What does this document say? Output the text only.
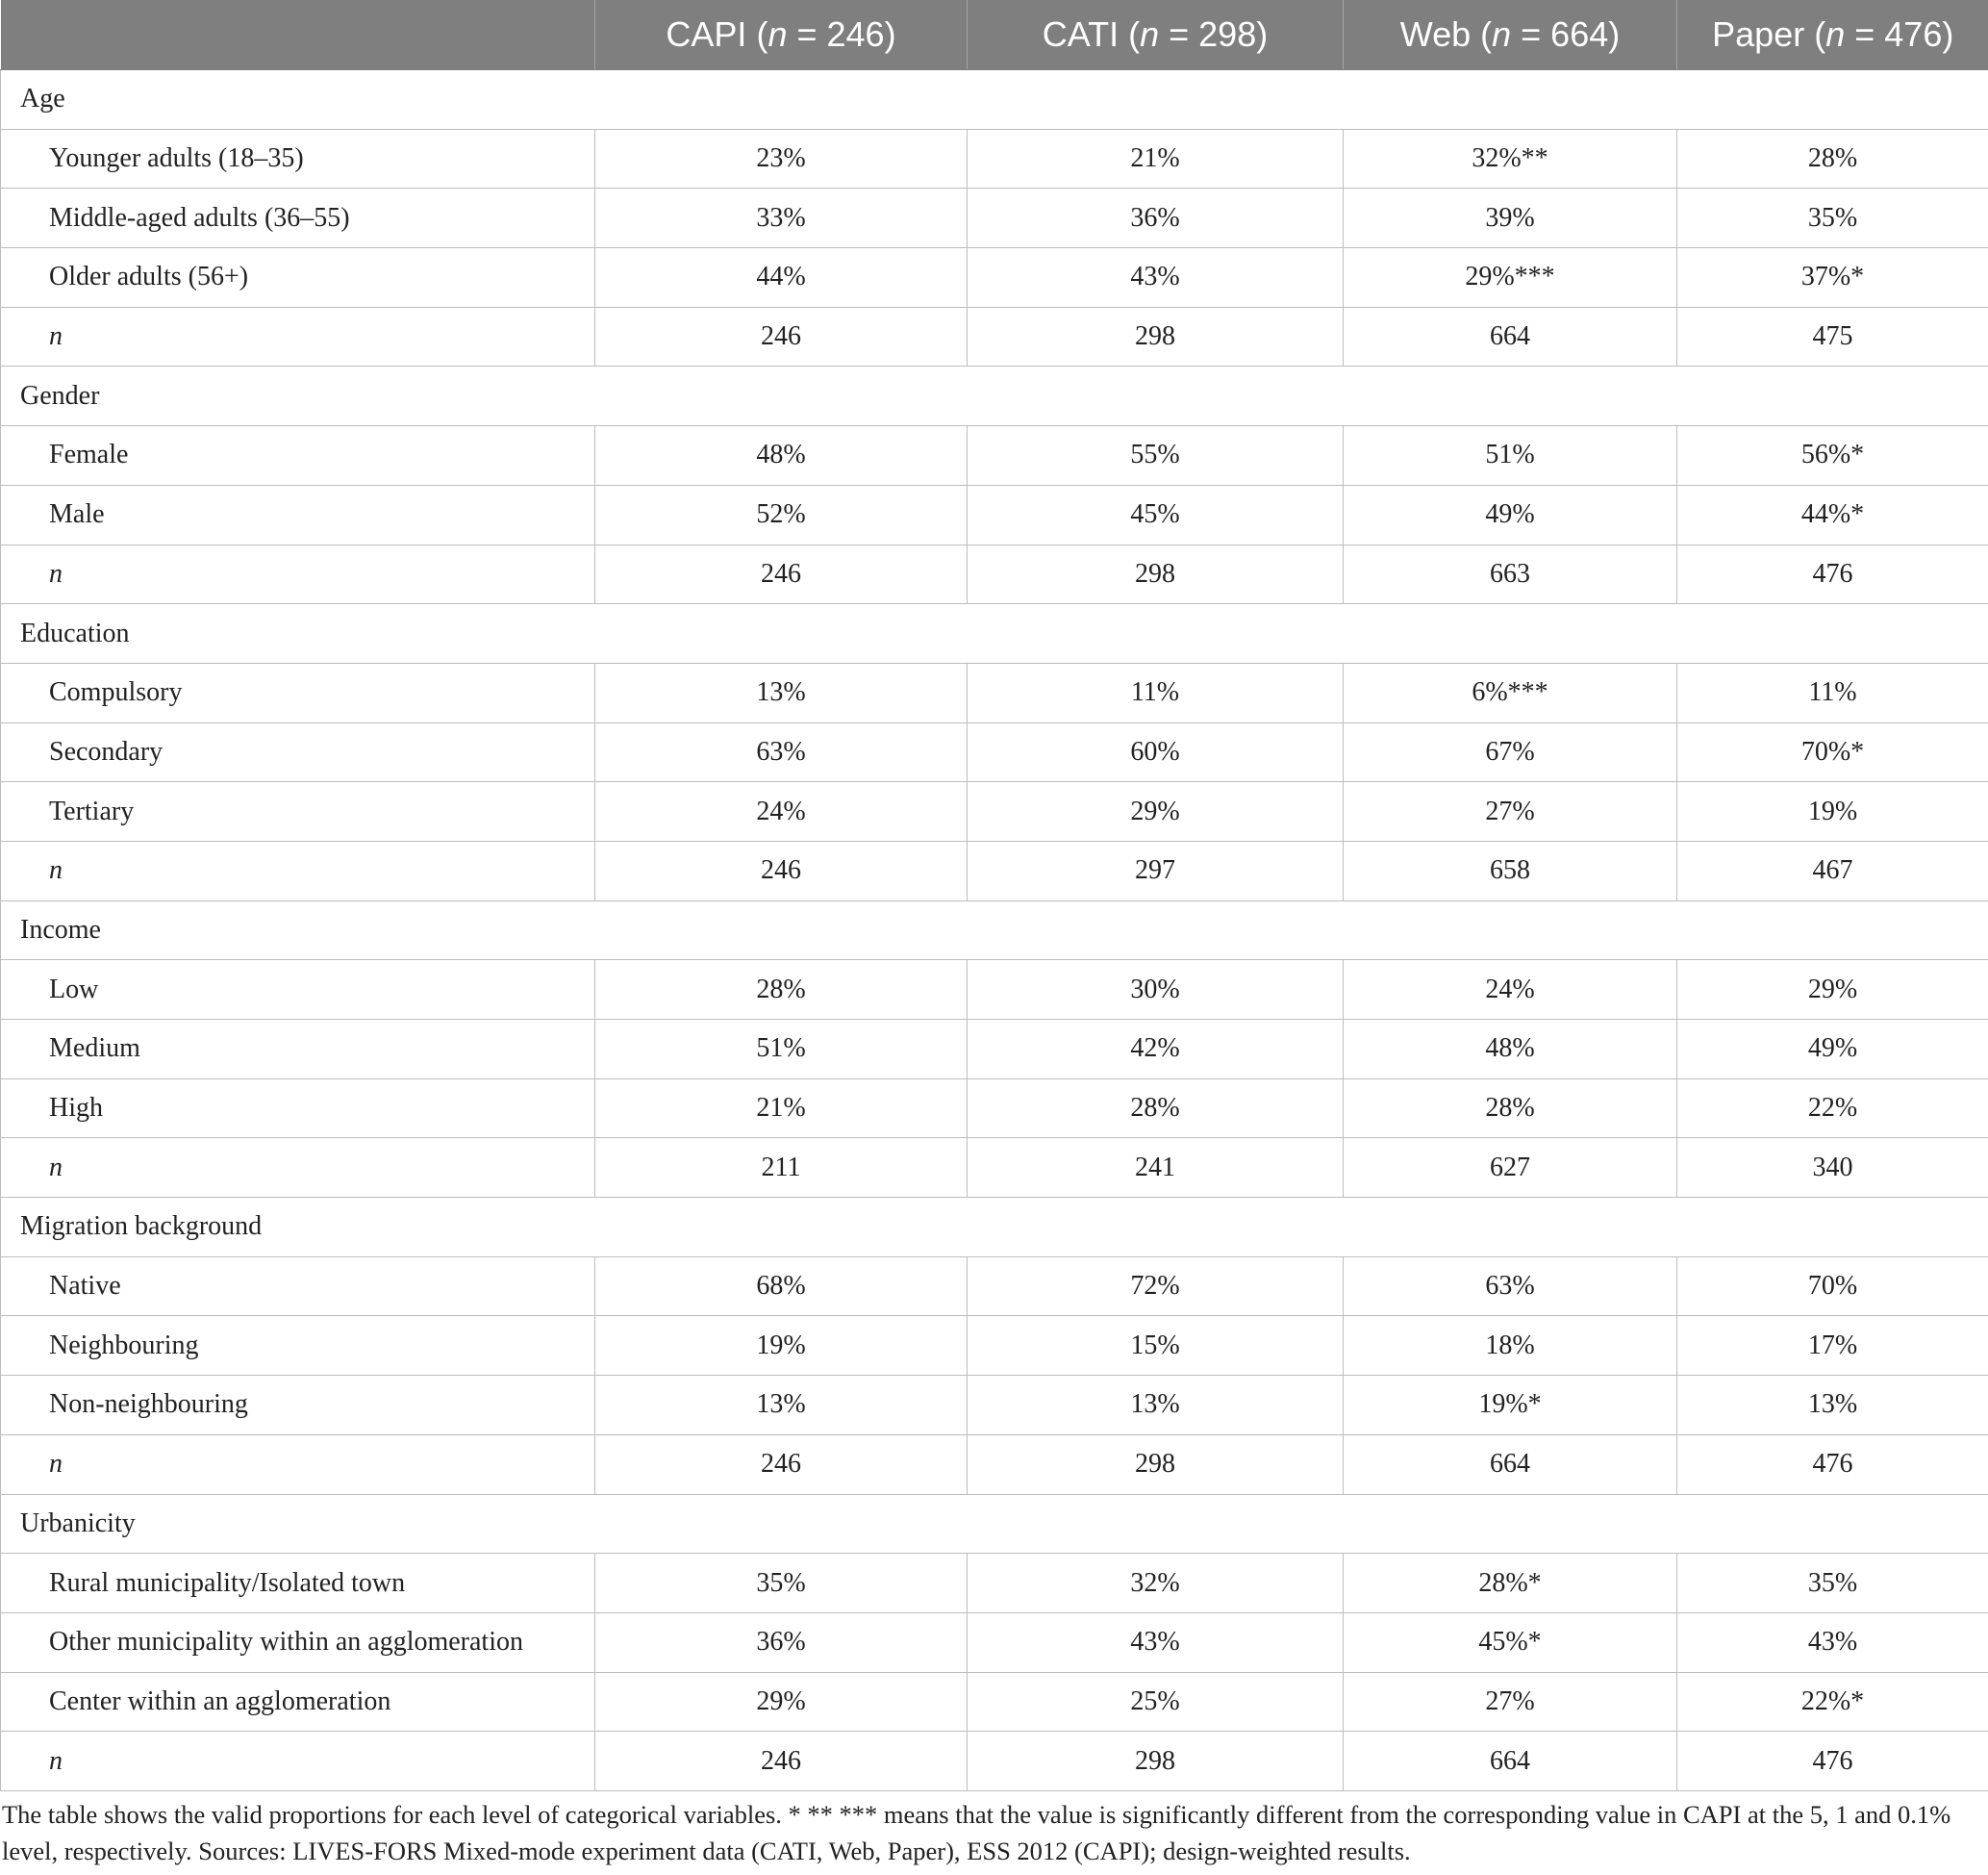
	CAPI (n = 246)	CATI (n = 298)	Web (n = 664)	Paper (n = 476)
Age				
Younger adults (18–35)	23%	21%	32%**	28%
Middle-aged adults (36–55)	33%	36%	39%	35%
Older adults (56+)	44%	43%	29%***	37%*
n	246	298	664	475
Gender				
Female	48%	55%	51%	56%*
Male	52%	45%	49%	44%*
n	246	298	663	476
Education				
Compulsory	13%	11%	6%***	11%
Secondary	63%	60%	67%	70%*
Tertiary	24%	29%	27%	19%
n	246	297	658	467
Income				
Low	28%	30%	24%	29%
Medium	51%	42%	48%	49%
High	21%	28%	28%	22%
n	211	241	627	340
Migration background				
Native	68%	72%	63%	70%
Neighbouring	19%	15%	18%	17%
Non-neighbouring	13%	13%	19%*	13%
n	246	298	664	476
Urbanicity				
Rural municipality/Isolated town	35%	32%	28%*	35%
Other municipality within an agglomeration	36%	43%	45%*	43%
Center within an agglomeration	29%	25%	27%	22%*
n	246	298	664	476
The table shows the valid proportions for each level of categorical variables. * ** *** means that the value is significantly different from the corresponding value in CAPI at the 5, 1 and 0.1% level, respectively. Sources: LIVES-FORS Mixed-mode experiment data (CATI, Web, Paper), ESS 2012 (CAPI); design-weighted results.
